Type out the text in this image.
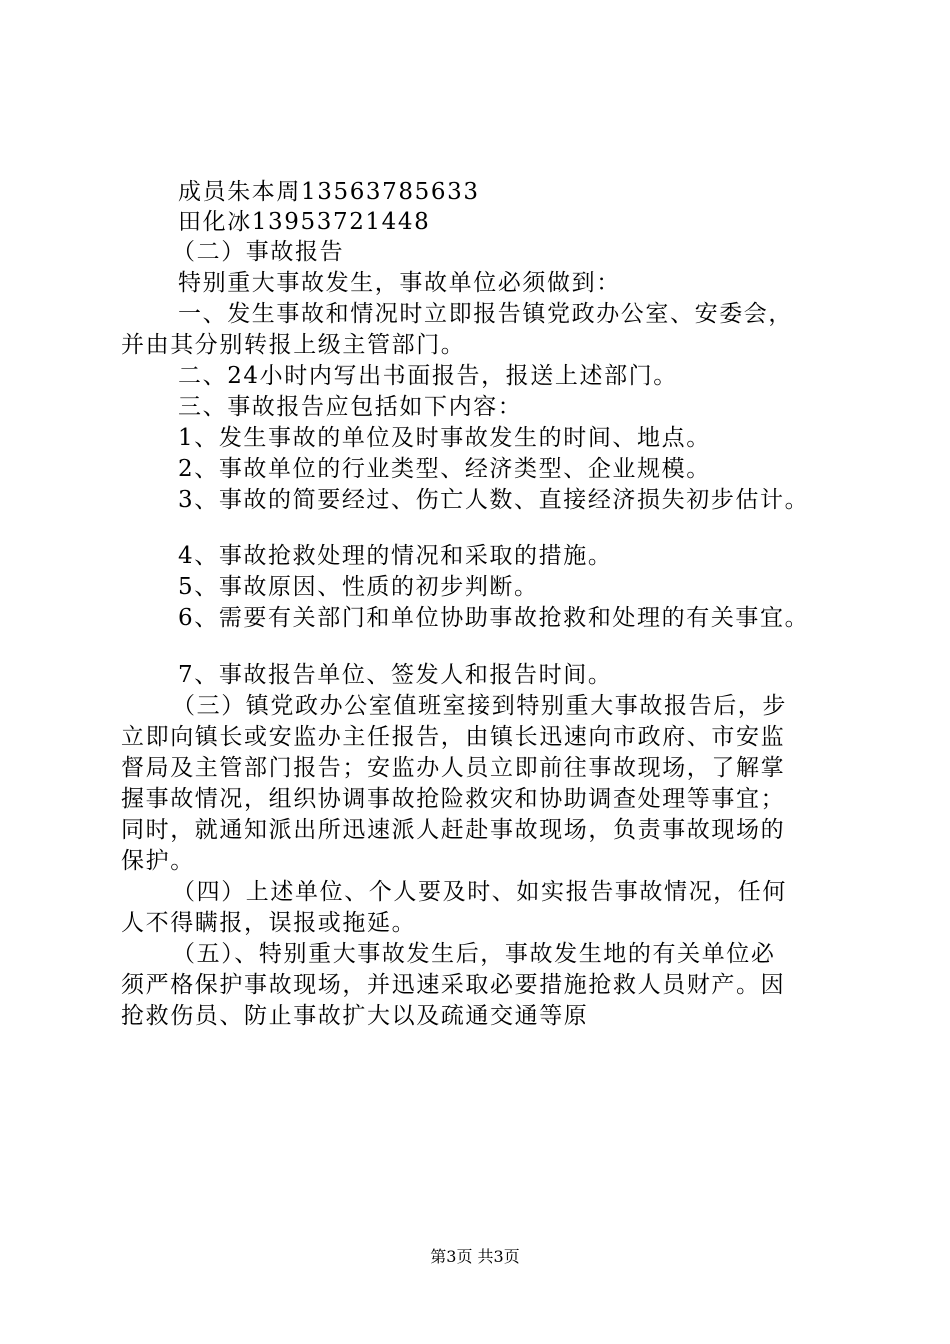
成员朱本周13563785633
田化冰13953721448
（二）事故报告
特别重大事故发生，事故单位必须做到：
一、发生事故和情况时立即报告镇党政办公室、安委会，
并由其分别转报上级主管部门。
二、24小时内写出书面报告，报送上述部门。
三、事故报告应包括如下内容：
1、发生事故的单位及时事故发生的时间、地点。
2、事故单位的行业类型、经济类型、企业规模。
3、事故的简要经过、伤亡人数、直接经济损失初步估计。
4、事故抢救处理的情况和采取的措施。
5、事故原因、性质的初步判断。
6、需要有关部门和单位协助事故抢救和处理的有关事宜。
7、事故报告单位、签发人和报告时间。
（三）镇党政办公室值班室接到特别重大事故报告后，步
立即向镇长或安监办主任报告，由镇长迅速向市政府、市安监
督局及主管部门报告；安监办人员立即前往事故现场，了解掌
握事故情况，组织协调事故抢险救灾和协助调查处理等事宜；
同时，就通知派出所迅速派人赶赴事故现场，负责事故现场的
保护。
（四）上述单位、个人要及时、如实报告事故情况，任何
人不得瞒报，误报或拖延。
（五）、特别重大事故发生后，事故发生地的有关单位必
须严格保护事故现场，并迅速采取必要措施抢救人员财产。因
抢救伤员、防止事故扩大以及疏通交通等原
第3页 共3页
